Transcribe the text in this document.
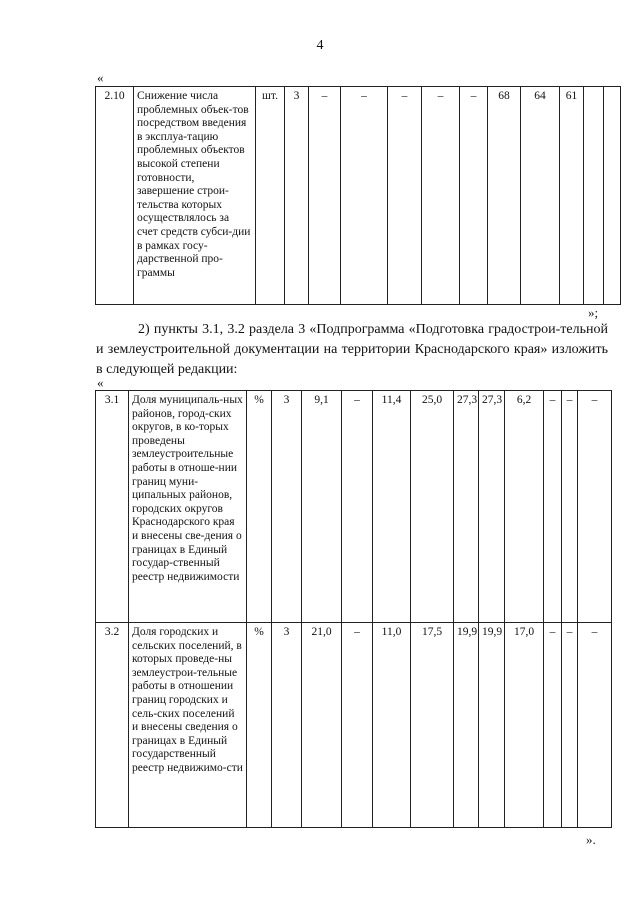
4
«
2.10	Снижение числа проблемных объек-тов посредством введения в эксплуа-тацию проблемных объектов высокой степени готовности, завершение строи-тельства которых осуществлялось за счет средств субси-дии в рамках госу-дарственной про-граммы	шт.	3	–	–	–	–	–	68	64	61		
»;
2) пункты 3.1, 3.2 раздела 3 «Подпрограмма «Подготовка градострои-тельной и землеустроительной документации на территории Краснодарского края» изложить в следующей редакции:
«
3.1	Доля муниципаль-ных районов, город-ских округов, в ко-торых проведены землеустроительные работы в отноше-нии границ муни-ципальных районов, городских округов Краснодарского края и внесены све-дения о границах в Единый государ-ственный реестр недвижимости	%	3	9,1	–	11,4	25,0	27,3	27,3	6,2	–	–	–
3.2	Доля городских и сельских поселений, в которых проведе-ны землеустрои-тельные работы в отношении границ городских и сель-ских поселений и внесены сведения о границах в Единый государственный реестр недвижимо-сти	%	3	21,0	–	11,0	17,5	19,9	19,9	17,0	–	–	–
».
